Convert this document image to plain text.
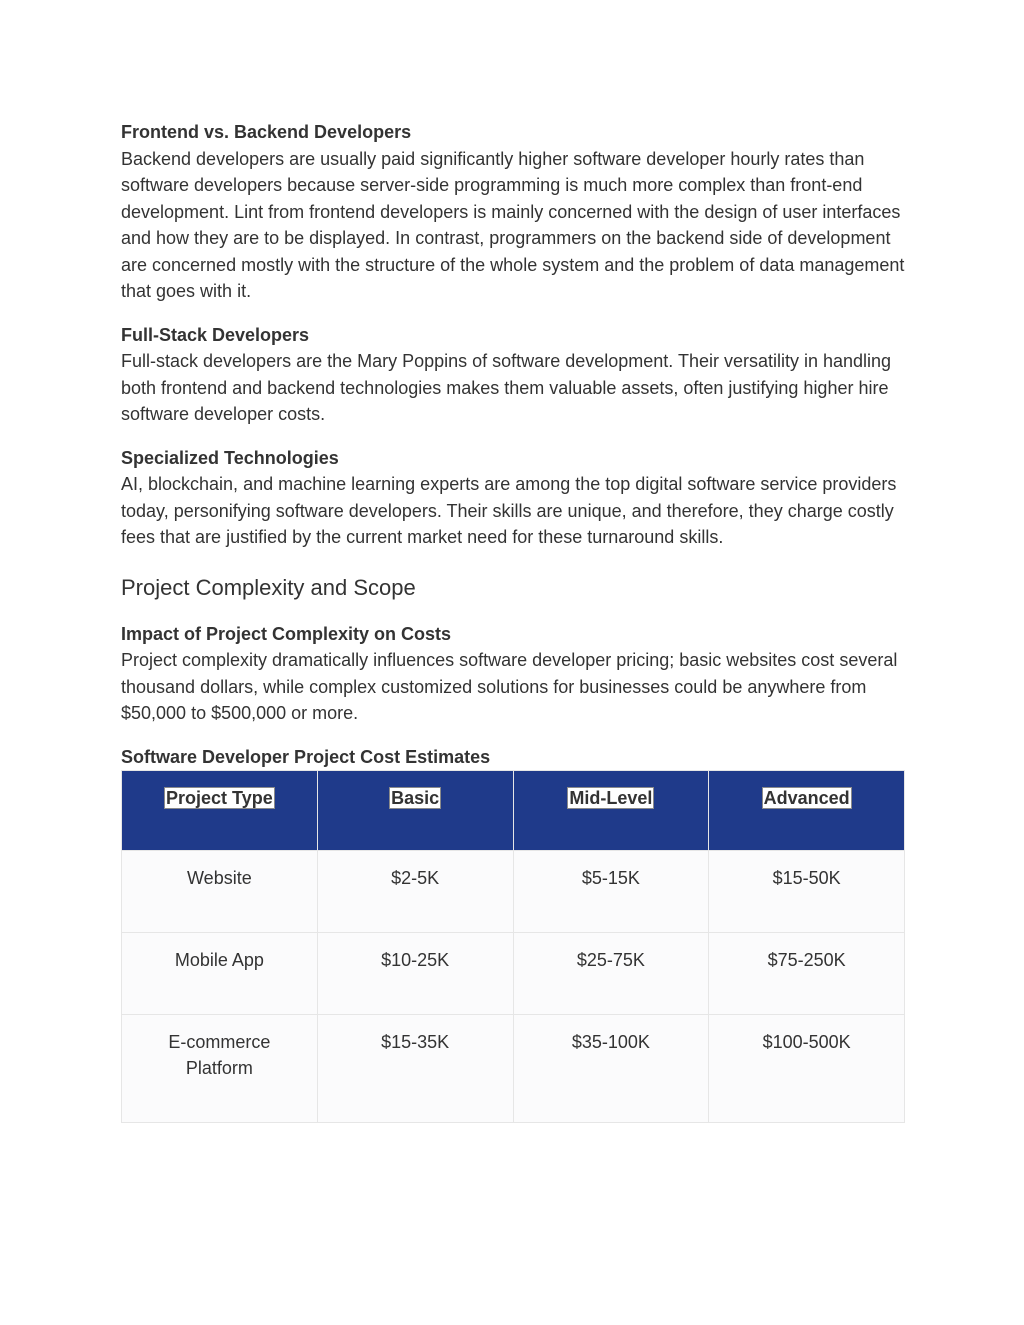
Frontend vs. Backend Developers

Backend developers are usually paid significantly higher software developer hourly rates than software developers because server-side programming is much more complex than front-end development. Lint from frontend developers is mainly concerned with the design of user interfaces and how they are to be displayed. In contrast, programmers on the backend side of development are concerned mostly with the structure of the whole system and the problem of data management that goes with it.

Full-Stack Developers

Full-stack developers are the Mary Poppins of software development. Their versatility in handling both frontend and backend technologies makes them valuable assets, often justifying higher hire software developer costs.

Specialized Technologies

AI, blockchain, and machine learning experts are among the top digital software service providers today, personifying software developers. Their skills are unique, and therefore, they charge costly fees that are justified by the current market need for these turnaround skills.

Project Complexity and Scope

Impact of Project Complexity on Costs

Project complexity dramatically influences software developer pricing; basic websites cost several thousand dollars, while complex customized solutions for businesses could be anywhere from $50,000 to $500,000 or more.

Software Developer Project Cost Estimates

Project Type	Basic	Mid-Level	Advanced
Website	$2-5K	$5-15K	$15-50K
Mobile App	$10-25K	$25-75K	$75-250K
E-commerce Platform	$15-35K	$35-100K	$100-500K
